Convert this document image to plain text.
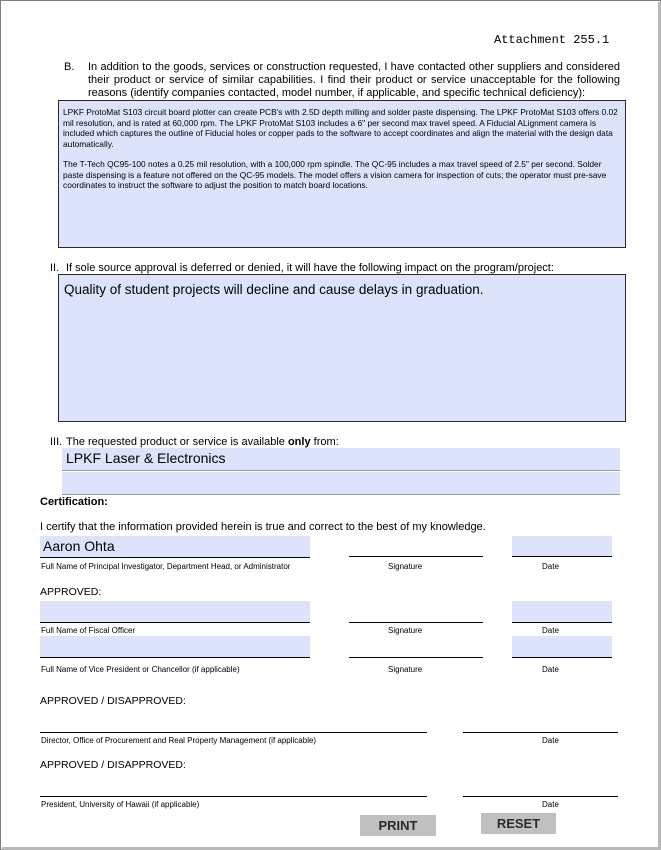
Attachment 255.1
B. In addition to the goods, services or construction requested, I have contacted other suppliers and considered their product or service of similar capabilities. I find their product or service unacceptable for the following reasons (identify companies contacted, model number, if applicable, and specific technical deficiency):
LPKF ProtoMat S103 circuit board plotter can create PCB's with 2.5D depth milling and solder paste dispensing. The LPKF ProtoMat S103 offers 0.02 mil resolution, and is rated at 60,000 rpm. The LPKF ProtoMat S103 includes a 6" per second max travel speed. A Fiducial ALignment camera is included which captures the outline of Fiducial holes or copper pads to the software to accept coordinates and align the material with the design data automatically.
The T-Tech QC95-100 notes a 0.25 mil resolution, with a 100,000 rpm spindle. The QC-95 includes a max travel speed of 2.5" per second. Solder paste dispensing is a feature not offered on the QC-95 models. The model offers a vision camera for inspection of cuts; the operator must pre-save coordinates to instruct the software to adjust the position to match board locations.
II. If sole source approval is deferred or denied, it will have the following impact on the program/project:
Quality of student projects will decline and cause delays in graduation.
III. The requested product or service is available only from:
LPKF Laser & Electronics
Certification:
I certify that the information provided herein is true and correct to the best of my knowledge.
Aaron Ohta
Full Name of Principal Investigator, Department Head, or Administrator	Signature	Date
APPROVED:
Full Name of Fiscal Officer	Signature	Date
Full Name of Vice President or Chancellor (if applicable)	Signature	Date
APPROVED / DISAPPROVED:
Director, Office of Procurement and Real Property Management (if applicable)	Date
APPROVED / DISAPPROVED:
President, University of Hawaii (if applicable)	Date
PRINT	RESET
